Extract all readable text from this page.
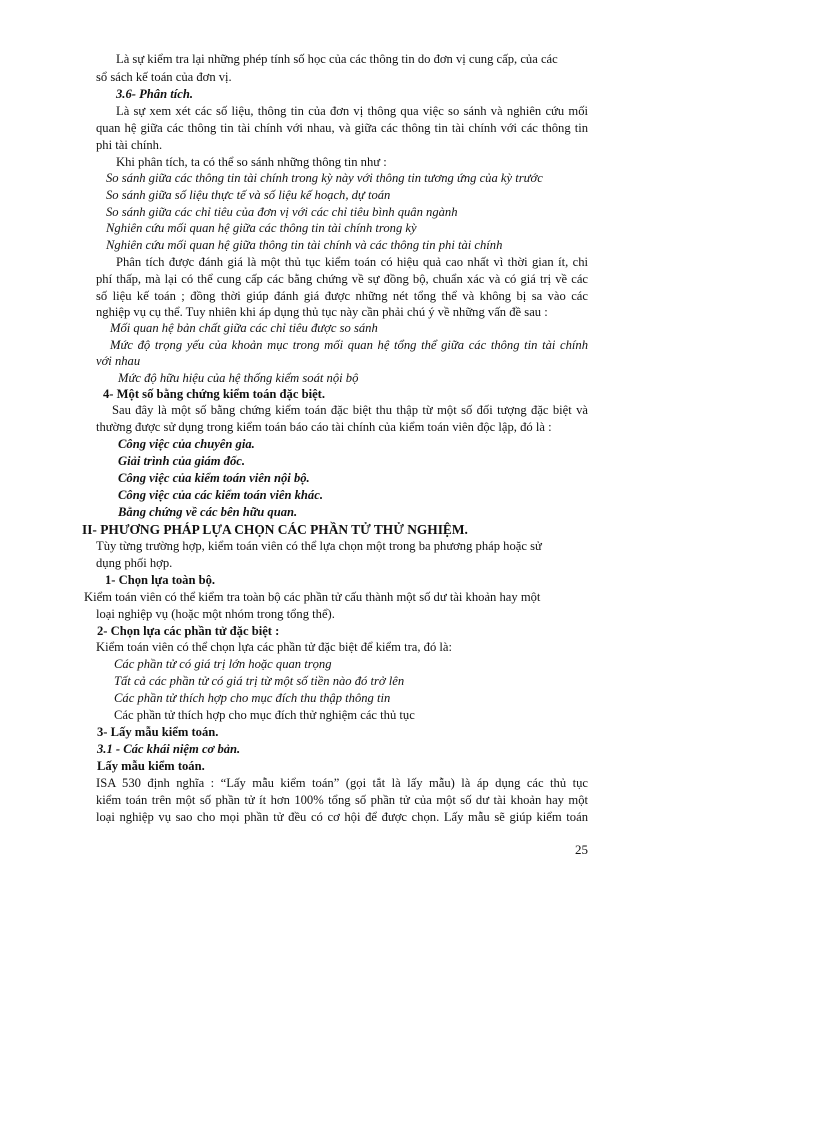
Là sự kiểm tra lại những phép tính số học của các thông tin do đơn vị cung cấp, của các
sổ sách kế toán của đơn vị.
3.6- Phân tích.
Là sự xem xét các số liệu, thông tin của đơn vị thông qua việc so sánh và nghiên cứu mối
quan hệ giữa các thông tin tài chính với nhau, và giữa các thông tin tài chính với các thông tin
phi tài chính.
Khi phân tích, ta có thể so sánh những thông tin như :
So sánh giữa các thông tin tài chính trong kỳ này với thông tin tương ứng của kỳ trước
So sánh giữa số liệu thực tế và số liệu kế hoạch, dự toán
So sánh giữa các chỉ tiêu của đơn vị với các chỉ tiêu bình quân ngành
Nghiên cứu mối quan hệ giữa các thông tin tài chính trong kỳ
Nghiên cứu mối quan hệ giữa thông tin tài chính và các thông tin phi tài chính
Phân tích được đánh giá là một thủ tục kiểm toán có hiệu quả cao nhất vì thời gian ít, chi
phí thấp, mà lại có thể cung cấp các bằng chứng về sự đồng bộ, chuẩn xác và có giá trị về các
số liệu kế toán ; đồng thời giúp đánh giá được những nét tổng thể và không bị sa vào các
nghiệp vụ cụ thể. Tuy nhiên khi áp dụng thủ tục này cần phải chú ý về những vấn đề sau :
Mối quan hệ bản chất giữa các chỉ tiêu được so sánh
Mức độ trọng yếu của khoản mục trong mối quan hệ tổng thể giữa các thông tin tài chính
với nhau
Mức độ hữu hiệu của hệ thống kiểm soát nội bộ
4- Một số bằng chứng kiểm toán đặc biệt.
Sau đây là một số bằng chứng kiểm toán đặc biệt thu thập từ một số đối tượng đặc biệt và
thường được sử dụng trong kiểm toán báo cáo tài chính của kiểm toán viên độc lập, đó là :
Công việc của chuyên gia.
Giải trình của giám đốc.
Công việc của kiểm toán viên nội bộ.
Công việc của các kiểm toán viên khác.
Bằng chứng về các bên hữu quan.
II- PHƯƠNG PHÁP LỰA CHỌN CÁC PHẦN TỬ THỬ NGHIỆM.
Tùy từng trường hợp, kiểm toán viên có thể lựa chọn một trong ba phương pháp hoặc sử
dụng phối hợp.
1- Chọn lựa toàn bộ.
Kiểm toán viên có thể kiểm tra toàn bộ các phần tử cấu thành một số dư tài khoản hay một
loại nghiệp vụ (hoặc một nhóm trong tổng thể).
2- Chọn lựa các phần tử đặc biệt :
Kiểm toán viên có thể chọn lựa các phần tử đặc biệt để kiểm tra, đó là:
Các phần tử có giá trị lớn hoặc quan trọng
Tất cả các phần tử có giá trị từ một số tiền nào đó trở lên
Các phần tử thích hợp cho mục đích thu thập thông tin
Các phần tử thích hợp cho mục đích thử nghiệm các thủ tục
3- Lấy mẫu kiểm toán.
3.1 - Các khái niệm cơ bản.
Lấy mẫu kiểm toán.
ISA 530 định nghĩa : “Lấy mẫu kiểm toán” (gọi tắt là lấy mẫu) là áp dụng các thủ tục
kiểm toán trên một số phần tử ít hơn 100% tổng số phần tử của một số dư tài khoản hay một
loại nghiệp vụ sao cho mọi phần tử đều có cơ hội để được chọn. Lấy mẫu sẽ giúp kiểm toán
25
